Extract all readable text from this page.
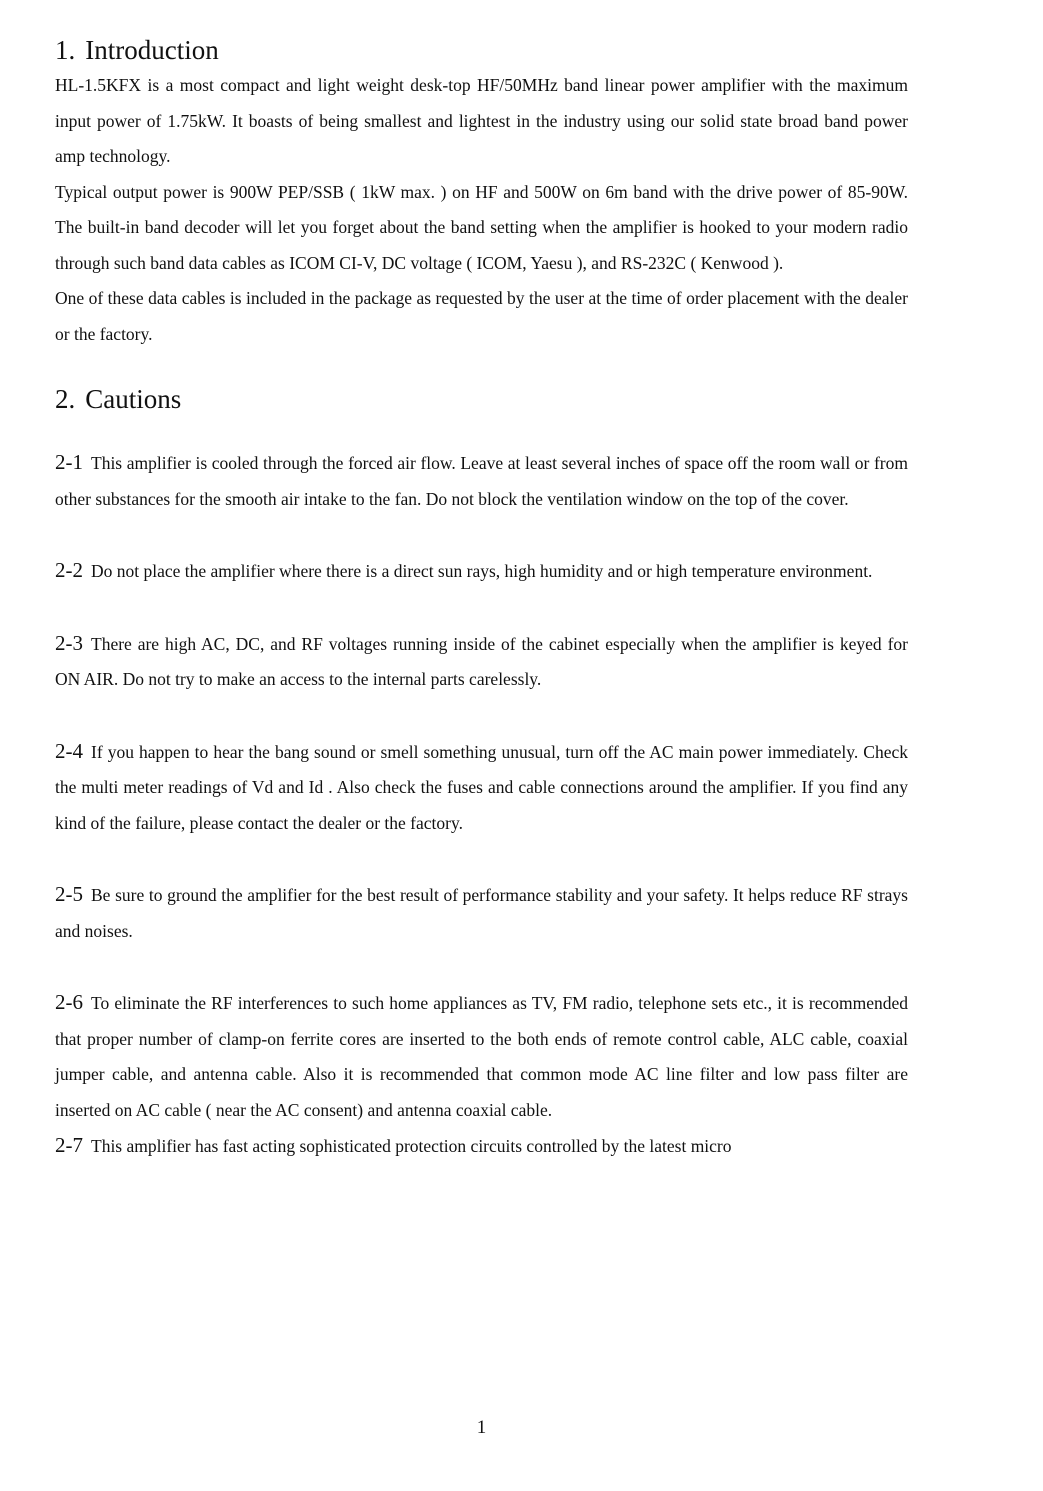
1. Introduction

HL-1.5KFX is a most compact and light weight desk-top HF/50MHz band linear power amplifier with the maximum input power of 1.75kW. It boasts of being smallest and lightest in the industry using our solid state broad band power amp technology.

Typical output power is 900W PEP/SSB ( 1kW max. ) on HF and 500W on 6m band with the drive power of 85-90W. The built-in band decoder will let you forget about the band setting when the amplifier is hooked to your modern radio through such band data cables as ICOM CI-V, DC voltage ( ICOM, Yaesu ), and RS-232C ( Kenwood ).

One of these data cables is included in the package as requested by the user at the time of order placement with the dealer or the factory.

2. Cautions

2-1 This amplifier is cooled through the forced air flow. Leave at least several inches of space off the room wall or from other substances for the smooth air intake to the fan. Do not block the ventilation window on the top of the cover.

2-2 Do not place the amplifier where there is a direct sun rays, high humidity and or high temperature environment.

2-3 There are high AC, DC, and RF voltages running inside of the cabinet especially when the amplifier is keyed for ON AIR. Do not try to make an access to the internal parts carelessly.

2-4 If you happen to hear the bang sound or smell something unusual, turn off the AC main power immediately. Check the multi meter readings of Vd and Id . Also check the fuses and cable connections around the amplifier. If you find any kind of the failure, please contact the dealer or the factory.

2-5 Be sure to ground the amplifier for the best result of performance stability and your safety. It helps reduce RF strays and noises.

2-6 To eliminate the RF interferences to such home appliances as TV, FM radio, telephone sets etc., it is recommended that proper number of clamp-on ferrite cores are inserted to the both ends of remote control cable, ALC cable, coaxial jumper cable, and antenna cable. Also it is recommended that common mode AC line filter and low pass filter are inserted on AC cable ( near the AC consent) and antenna coaxial cable.

2-7 This amplifier has fast acting sophisticated protection circuits controlled by the latest micro

1
